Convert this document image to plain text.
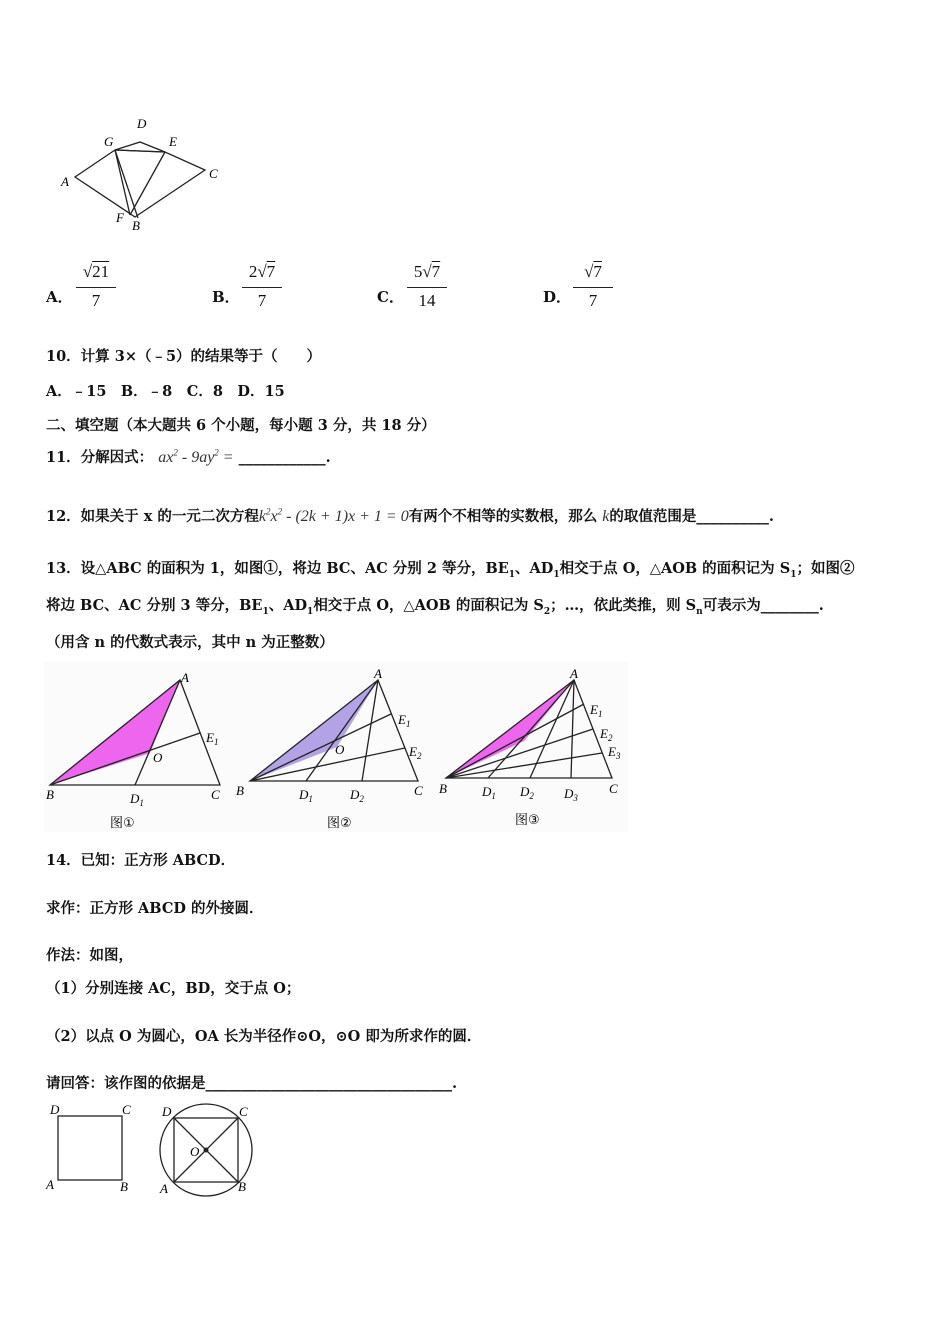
D
G	E
A
C
F
B
A．
√21
7	B．
2√7
7	C．
5√7
14	D．
√7
7
10．计算 3×（﹣5）的结果等于（　　）
A．﹣15　B．﹣8　C．8　D．15
二、填空题（本大题共 6 个小题，每小题 3 分，共 18 分）
11．分解因式： $ax^2 - 9ay^2$ = ____________.
12．如果关于 x 的一元二次方程$k^2x^2 - (2k + 1)x + 1 = 0$有两个不相等的实数根，那么 k的取值范围是__________.
13．设△ABC 的面积为 1，如图①，将边 BC、AC 分别 2 等分，$BE_1$、$AD_1$相交于点 O，△AOB 的面积记为 $S_1$；如图②
将边 BC、AC 分别 3 等分，$BE_1$、$AD_1$相交于点 O，△AOB 的面积记为 $S_2$；…，依此类推，则 $S_n$可表示为________.
（用含 n 的代数式表示，其中 n 为正整数）
A
$E_1$
O
B	$D_1$
C
图①
A
$E_1$
$E_2$
O
B	$D_1$	$D_2$
C
图②
A
$E_1$
$E_2$
$E_3$
B	$D_1$ $D_2$ $D_3$
C
图③
14．已知：正方形 ABCD．
求作：正方形 ABCD 的外接圆．
作法：如图，
（1）分别连接 AC，BD，交于点 O；
（2）以点 O 为圆心，OA 长为半径作⊙O，⊙O 即为所求作的圆．
请回答：该作图的依据是__________________________________.
D	C
A	B
D	C
O
A	B
